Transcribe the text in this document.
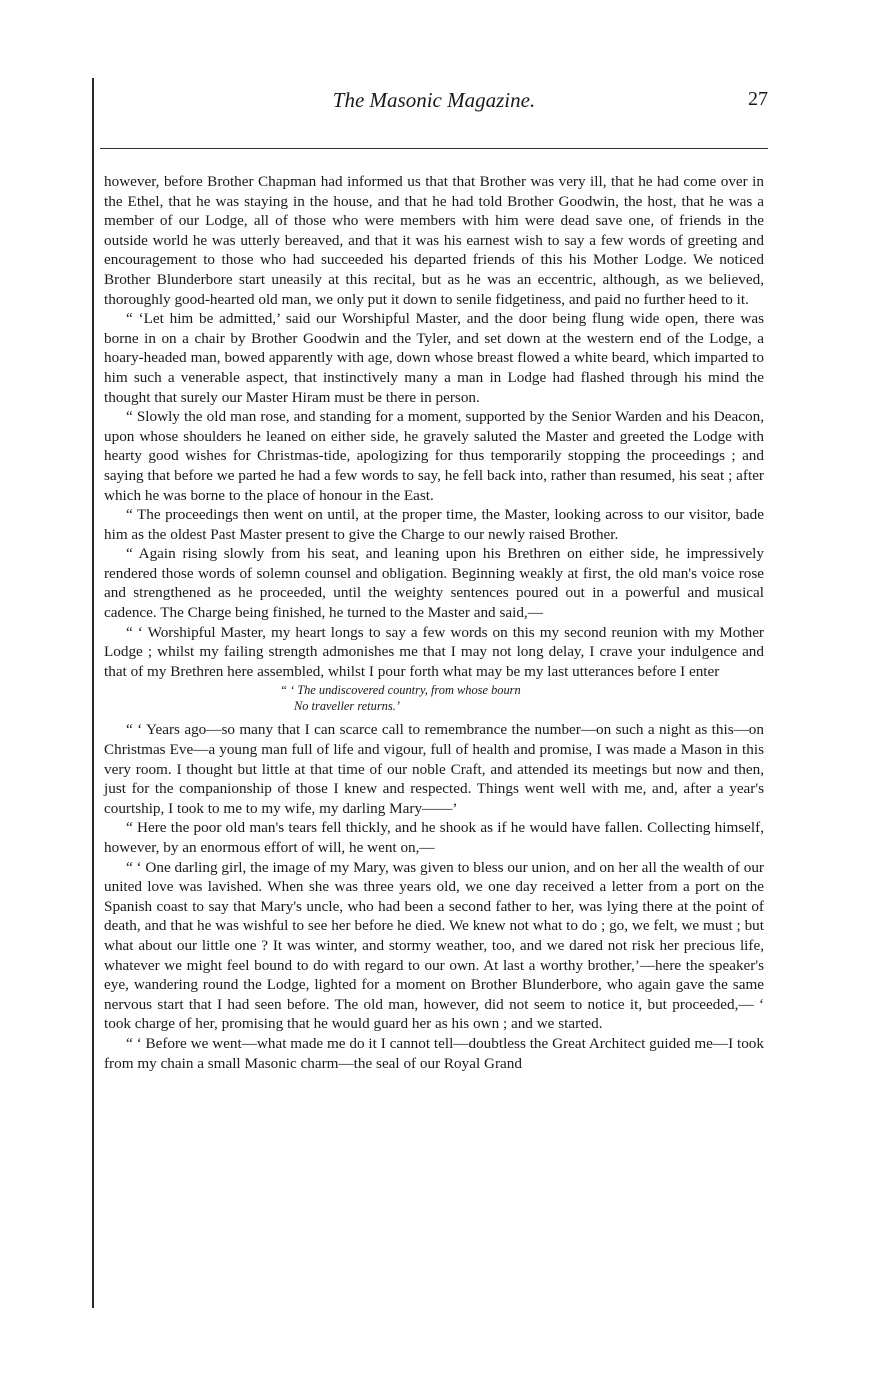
The Masonic Magazine.	27

however, before Brother Chapman had informed us that that Brother was very ill, that he had come over in the Ethel, that he was staying in the house, and that he had told Brother Goodwin, the host, that he was a member of our Lodge, all of those who were members with him were dead save one, of friends in the outside world he was utterly bereaved, and that it was his earnest wish to say a few words of greeting and encouragement to those who had succeeded his departed friends of this his Mother Lodge. We noticed Brother Blunderbore start uneasily at this recital, but as he was an eccentric, although, as we believed, thoroughly good-hearted old man, we only put it down to senile fidgetiness, and paid no further heed to it.

“ ‘Let him be admitted,’ said our Worshipful Master, and the door being flung wide open, there was borne in on a chair by Brother Goodwin and the Tyler, and set down at the western end of the Lodge, a hoary-headed man, bowed apparently with age, down whose breast flowed a white beard, which imparted to him such a venerable aspect, that instinctively many a man in Lodge had flashed through his mind the thought that surely our Master Hiram must be there in person.

“ Slowly the old man rose, and standing for a moment, supported by the Senior Warden and his Deacon, upon whose shoulders he leaned on either side, he gravely saluted the Master and greeted the Lodge with hearty good wishes for Christmas-tide, apologizing for thus temporarily stopping the proceedings ; and saying that before we parted he had a few words to say, he fell back into, rather than resumed, his seat ; after which he was borne to the place of honour in the East.

“ The proceedings then went on until, at the proper time, the Master, looking across to our visitor, bade him as the oldest Past Master present to give the Charge to our newly raised Brother.

“ Again rising slowly from his seat, and leaning upon his Brethren on either side, he impressively rendered those words of solemn counsel and obligation. Beginning weakly at first, the old man's voice rose and strengthened as he proceeded, until the weighty sentences poured out in a powerful and musical cadence. The Charge being finished, he turned to the Master and said,—

“ ‘ Worshipful Master, my heart longs to say a few words on this my second reunion with my Mother Lodge ; whilst my failing strength admonishes me that I may not long delay, I crave your indulgence and that of my Brethren here assembled, whilst I pour forth what may be my last utterances before I enter

“ ‘ The undiscovered country, from whose bourn
No traveller returns.’

“ ‘ Years ago—so many that I can scarce call to remembrance the number—on such a night as this—on Christmas Eve—a young man full of life and vigour, full of health and promise, I was made a Mason in this very room. I thought but little at that time of our noble Craft, and attended its meetings but now and then, just for the companionship of those I knew and respected. Things went well with me, and, after a year's courtship, I took to me to my wife, my darling Mary——’

“ Here the poor old man's tears fell thickly, and he shook as if he would have fallen. Collecting himself, however, by an enormous effort of will, he went on,—

“ ‘ One darling girl, the image of my Mary, was given to bless our union, and on her all the wealth of our united love was lavished. When she was three years old, we one day received a letter from a port on the Spanish coast to say that Mary's uncle, who had been a second father to her, was lying there at the point of death, and that he was wishful to see her before he died. We knew not what to do ; go, we felt, we must ; but what about our little one ? It was winter, and stormy weather, too, and we dared not risk her precious life, whatever we might feel bound to do with regard to our own. At last a worthy brother,’—here the speaker's eye, wandering round the Lodge, lighted for a moment on Brother Blunderbore, who again gave the same nervous start that I had seen before. The old man, however, did not seem to notice it, but proceeded,— ‘ took charge of her, promising that he would guard her as his own ; and we started.

“ ‘ Before we went—what made me do it I cannot tell—doubtless the Great Architect guided me—I took from my chain a small Masonic charm—the seal of our Royal Grand
